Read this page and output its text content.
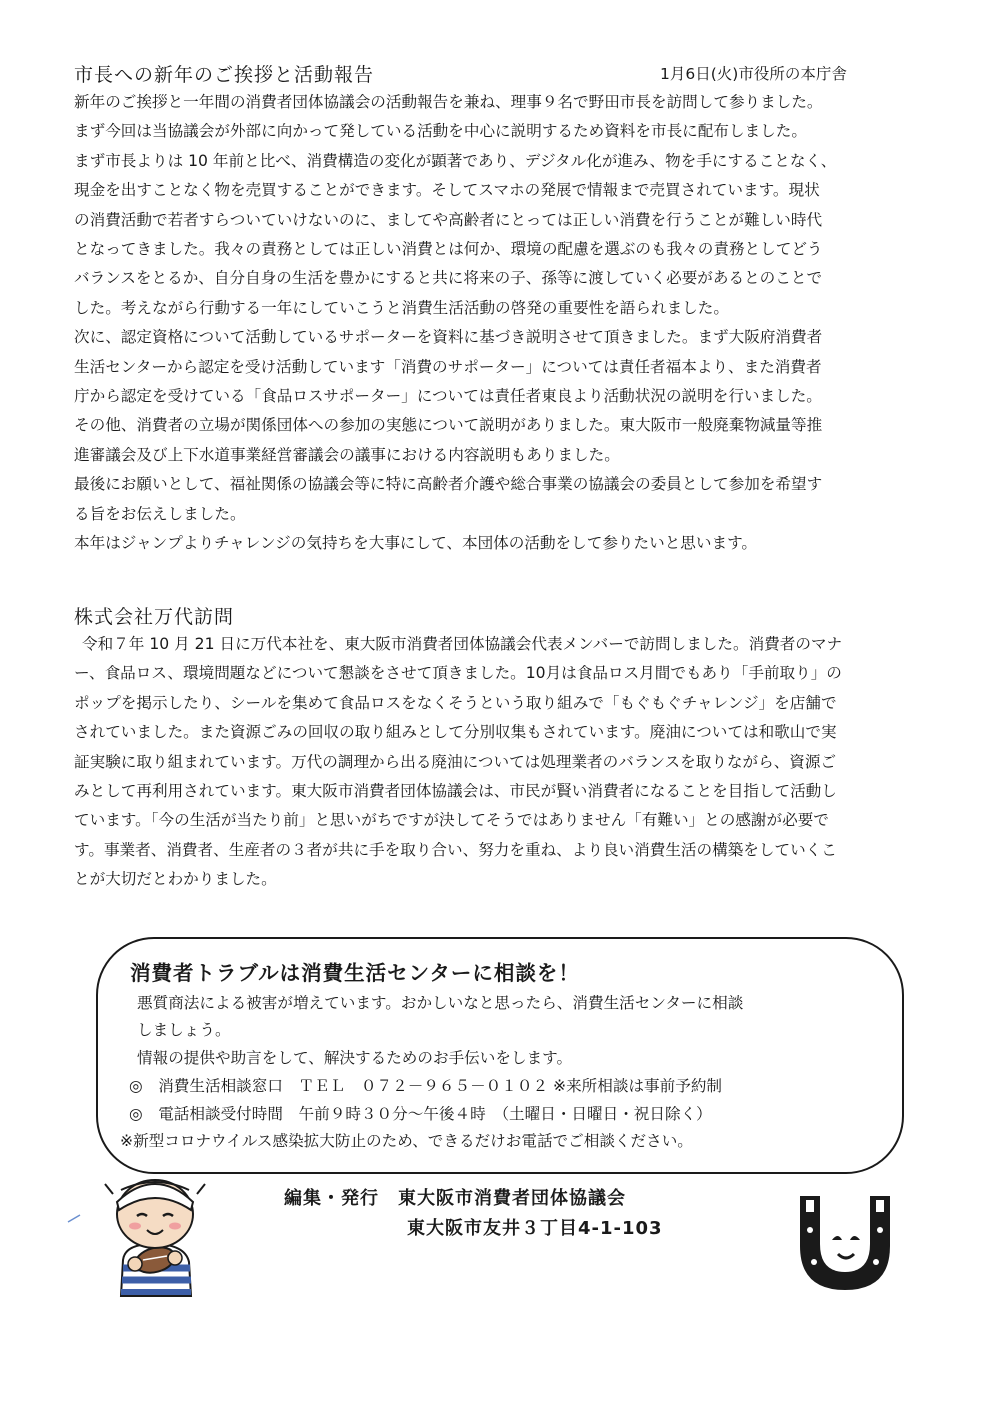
市長への新年のご挨拶と活動報告	1月6日(火)市役所の本庁舎
新年のご挨拶と一年間の消費者団体協議会の活動報告を兼ね、理事９名で野田市長を訪問して参りました。
まず今回は当協議会が外部に向かって発している活動を中心に説明するため資料を市長に配布しました。
まず市長よりは 10 年前と比べ、消費構造の変化が顕著であり、デジタル化が進み、物を手にすることなく、
現金を出すことなく物を売買することができます。そしてスマホの発展で情報まで売買されています。現状
の消費活動で若者すらついていけないのに、ましてや高齢者にとっては正しい消費を行うことが難しい時代
となってきました。我々の責務としては正しい消費とは何か、環境の配慮を選ぶのも我々の責務としてどう
バランスをとるか、自分自身の生活を豊かにすると共に将来の子、孫等に渡していく必要があるとのことで
した。考えながら行動する一年にしていこうと消費生活活動の啓発の重要性を語られました。
次に、認定資格について活動しているサポーターを資料に基づき説明させて頂きました。まず大阪府消費者
生活センターから認定を受け活動しています「消費のサポーター」については責任者福本より、また消費者
庁から認定を受けている「食品ロスサポーター」については責任者東良より活動状況の説明を行いました。
その他、消費者の立場が関係団体への参加の実態について説明がありました。東大阪市一般廃棄物減量等推
進審議会及び上下水道事業経営審議会の議事における内容説明もありました。
最後にお願いとして、福祉関係の協議会等に特に高齢者介護や総合事業の協議会の委員として参加を希望す
る旨をお伝えしました。
本年はジャンプよりチャレンジの気持ちを大事にして、本団体の活動をして参りたいと思います。
株式会社万代訪問
令和７年 10 月 21 日に万代本社を、東大阪市消費者団体協議会代表メンバーで訪問しました。消費者のマナ
ー、食品ロス、環境問題などについて懇談をさせて頂きました。10月は食品ロス月間でもあり「手前取り」の
ポップを掲示したり、シールを集めて食品ロスをなくそうという取り組みで「もぐもぐチャレンジ」を店舗で
されていました。また資源ごみの回収の取り組みとして分別収集もされています。廃油については和歌山で実
証実験に取り組まれています。万代の調理から出る廃油については処理業者のバランスを取りながら、資源ご
みとして再利用されています。東大阪市消費者団体協議会は、市民が賢い消費者になることを目指して活動し
ています。「今の生活が当たり前」と思いがちですが決してそうではありません「有難い」との感謝が必要で
す。事業者、消費者、生産者の３者が共に手を取り合い、努力を重ね、より良い消費生活の構築をしていくこ
とが大切だとわかりました。
消費者トラブルは消費生活センターに相談を！
悪質商法による被害が増えています。おかしいなと思ったら、消費生活センターに相談
しましょう。
情報の提供や助言をして、解決するためのお手伝いをします。
◎　消費生活相談窓口　ＴＥＬ　０７２－９６５－０１０２ ※来所相談は事前予約制
◎　電話相談受付時間　午前９時３０分～午後４時　（土曜日・日曜日・祝日除く）
※新型コロナウイルス感染拡大防止のため、できるだけお電話でご相談ください。
編集・発行　東大阪市消費者団体協議会
東大阪市友井３丁目4-1-103
